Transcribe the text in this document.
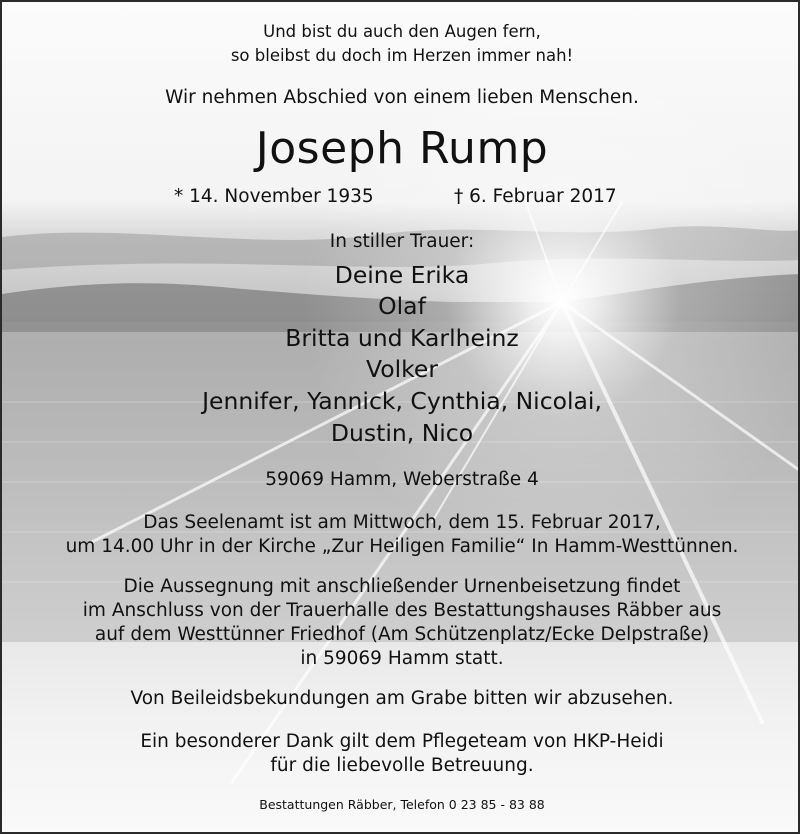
Und bist du auch den Augen fern,
so bleibst du doch im Herzen immer nah!
Wir nehmen Abschied von einem lieben Menschen.
Joseph Rump
* 14. November 1935	† 6. Februar 2017
In stiller Trauer:
Deine Erika
Olaf
Britta und Karlheinz
Volker
Jennifer, Yannick, Cynthia, Nicolai,
Dustin, Nico
59069 Hamm, Weberstraße 4
Das Seelenamt ist am Mittwoch, dem 15. Februar 2017,
um 14.00 Uhr in der Kirche „Zur Heiligen Familie“ In Hamm-Westtünnen.
Die Aussegnung mit anschließender Urnenbeisetzung findet
im Anschluss von der Trauerhalle des Bestattungshauses Räbber aus
auf dem Westtünner Friedhof (Am Schützenplatz/Ecke Delpstraße)
in 59069 Hamm statt.
Von Beileidsbekundungen am Grabe bitten wir abzusehen.
Ein besonderer Dank gilt dem Pflegeteam von HKP-Heidi
für die liebevolle Betreuung.
Bestattungen Räbber, Telefon 0 23 85 - 83 88
